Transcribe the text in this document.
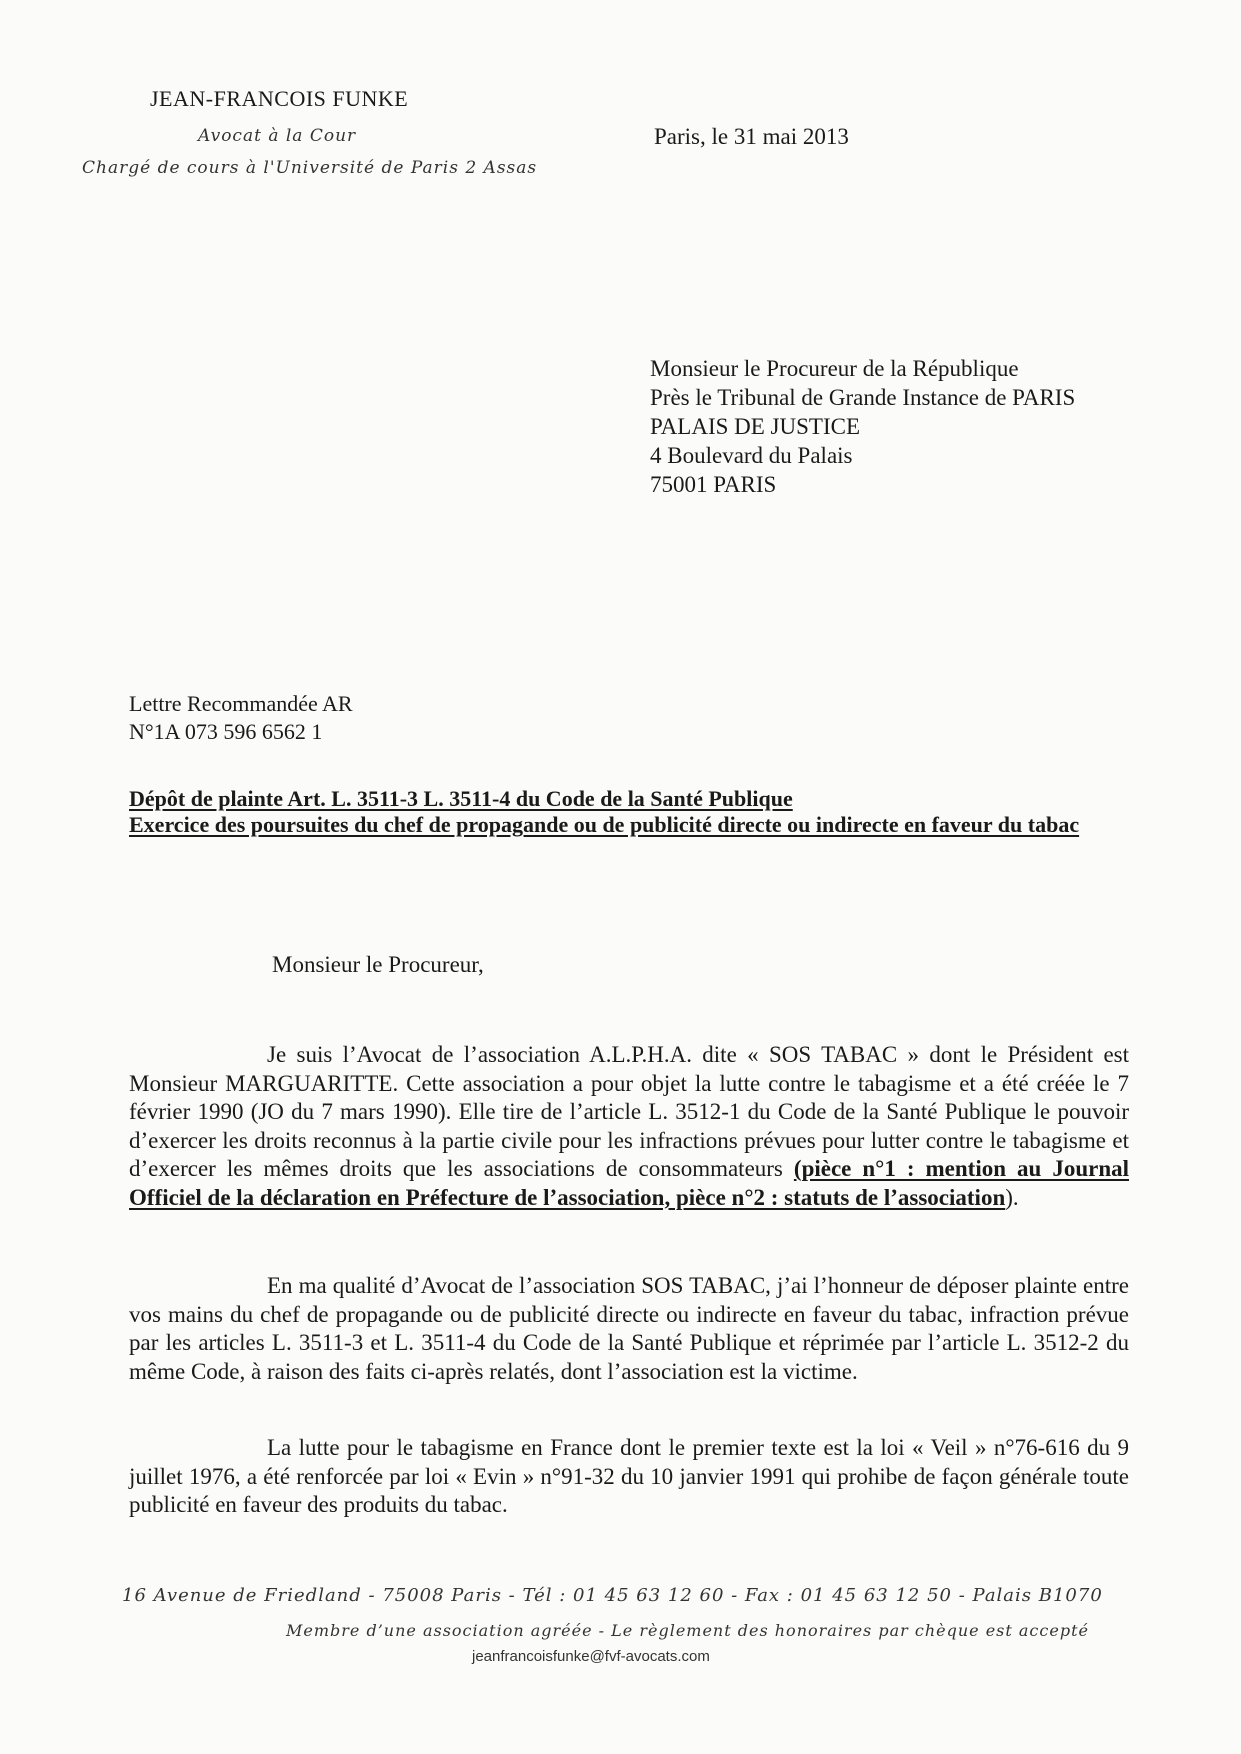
JEAN-FRANCOIS FUNKE
Avocat à la Cour
Chargé de cours à l'Université de Paris 2 Assas
Paris, le 31 mai 2013
Monsieur le Procureur de la République
Près le Tribunal de Grande Instance de PARIS
PALAIS DE JUSTICE
4 Boulevard du Palais
75001 PARIS
Lettre Recommandée AR
N°1A 073 596 6562 1
Dépôt de plainte Art. L. 3511-3 L. 3511-4 du Code de la Santé Publique
Exercice des poursuites du chef de propagande ou de publicité directe ou indirecte en faveur du tabac
Monsieur le Procureur,
Je suis l’Avocat de l’association A.L.P.H.A. dite « SOS TABAC » dont le Président est Monsieur MARGUARITTE. Cette association a pour objet la lutte contre le tabagisme et a été créée le 7 février 1990 (JO du 7 mars 1990). Elle tire de l’article L. 3512-1 du Code de la Santé Publique le pouvoir d’exercer les droits reconnus à la partie civile pour les infractions prévues pour lutter contre le tabagisme et d’exercer les mêmes droits que les associations de consommateurs (pièce n°1 : mention au Journal Officiel de la déclaration en Préfecture de l’association, pièce n°2 : statuts de l’association).
En ma qualité d’Avocat de l’association SOS TABAC, j’ai l’honneur de déposer plainte entre vos mains du chef de propagande ou de publicité directe ou indirecte en faveur du tabac, infraction prévue par les articles L. 3511-3 et L. 3511-4 du Code de la Santé Publique et réprimée par l’article L. 3512-2 du même Code, à raison des faits ci-après relatés, dont l’association est la victime.
La lutte pour le tabagisme en France dont le premier texte est la loi « Veil » n°76-616 du 9 juillet 1976, a été renforcée par loi « Evin » n°91-32 du 10 janvier 1991 qui prohibe de façon générale toute publicité en faveur des produits du tabac.
16 Avenue de Friedland - 75008 Paris - Tél : 01 45 63 12 60 - Fax : 01 45 63 12 50 - Palais B1070
Membre d’une association agréée - Le règlement des honoraires par chèque est accepté
jeanfrancoisfunke@fvf-avocats.com
